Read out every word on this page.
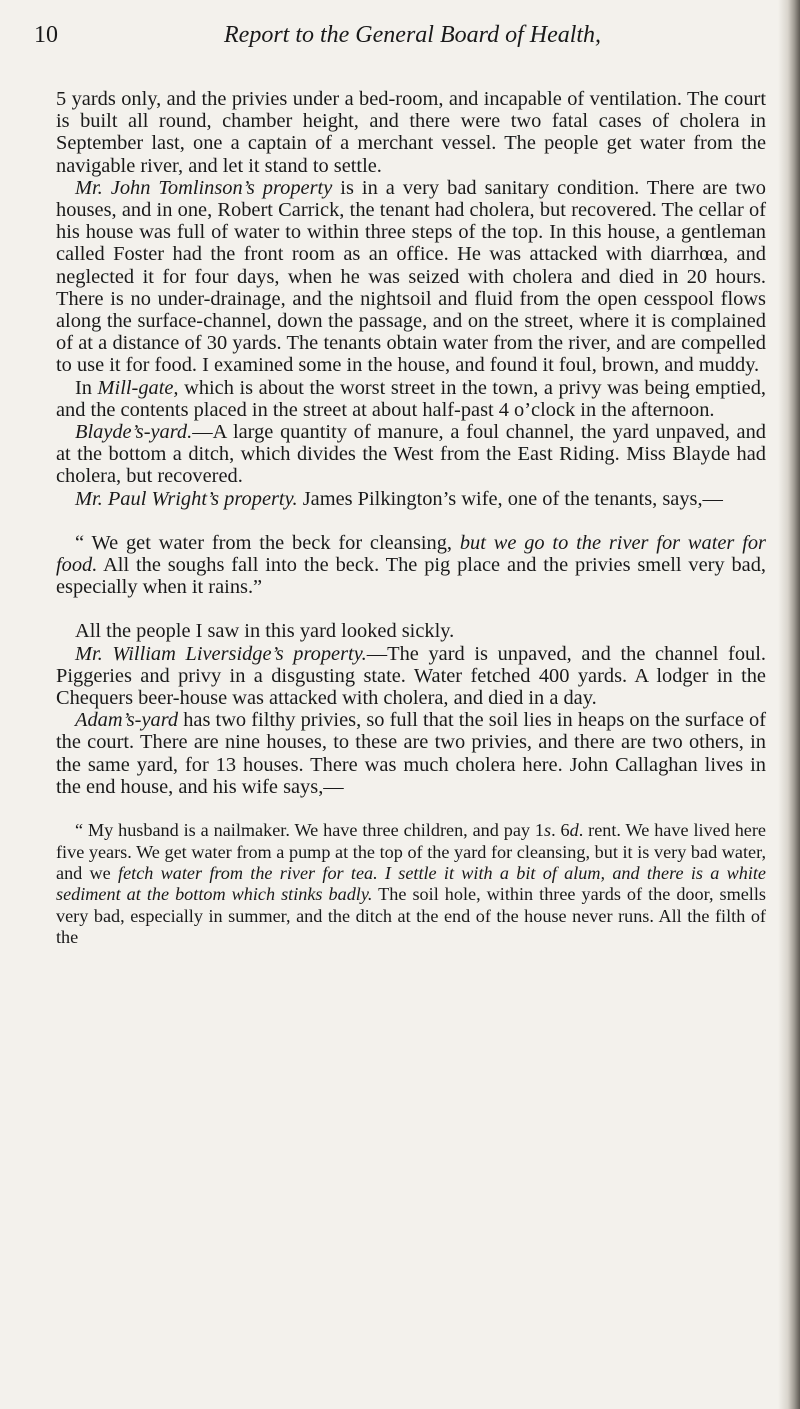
10	Report to the General Board of Health,

5 yards only, and the privies under a bed-room, and incapable of ventilation. The court is built all round, chamber height, and there were two fatal cases of cholera in September last, one a captain of a merchant vessel. The people get water from the navigable river, and let it stand to settle.

Mr. John Tomlinson’s property is in a very bad sanitary condition. There are two houses, and in one, Robert Carrick, the tenant had cholera, but recovered. The cellar of his house was full of water to within three steps of the top. In this house, a gentleman called Foster had the front room as an office. He was attacked with diarrhœa, and neglected it for four days, when he was seized with cholera and died in 20 hours. There is no under-drainage, and the nightsoil and fluid from the open cesspool flows along the surface-channel, down the passage, and on the street, where it is complained of at a distance of 30 yards. The tenants obtain water from the river, and are compelled to use it for food. I examined some in the house, and found it foul, brown, and muddy.

In Mill-gate, which is about the worst street in the town, a privy was being emptied, and the contents placed in the street at about half-past 4 o’clock in the afternoon.

Blayde’s-yard.—A large quantity of manure, a foul channel, the yard unpaved, and at the bottom a ditch, which divides the West from the East Riding. Miss Blayde had cholera, but recovered.

Mr. Paul Wright’s property. James Pilkington’s wife, one of the tenants, says,—

“ We get water from the beck for cleansing, but we go to the river for water for food. All the soughs fall into the beck. The pig place and the privies smell very bad, especially when it rains.”

All the people I saw in this yard looked sickly.

Mr. William Liversidge’s property.—The yard is unpaved, and the channel foul. Piggeries and privy in a disgusting state. Water fetched 400 yards. A lodger in the Chequers beer-house was attacked with cholera, and died in a day.

Adam’s-yard has two filthy privies, so full that the soil lies in heaps on the surface of the court. There are nine houses, to these are two privies, and there are two others, in the same yard, for 13 houses. There was much cholera here. John Callaghan lives in the end house, and his wife says,—

“ My husband is a nailmaker. We have three children, and pay 1s. 6d. rent. We have lived here five years. We get water from a pump at the top of the yard for cleansing, but it is very bad water, and we fetch water from the river for tea. I settle it with a bit of alum, and there is a white sediment at the bottom which stinks badly. The soil hole, within three yards of the door, smells very bad, especially in summer, and the ditch at the end of the house never runs. All the filth of the
